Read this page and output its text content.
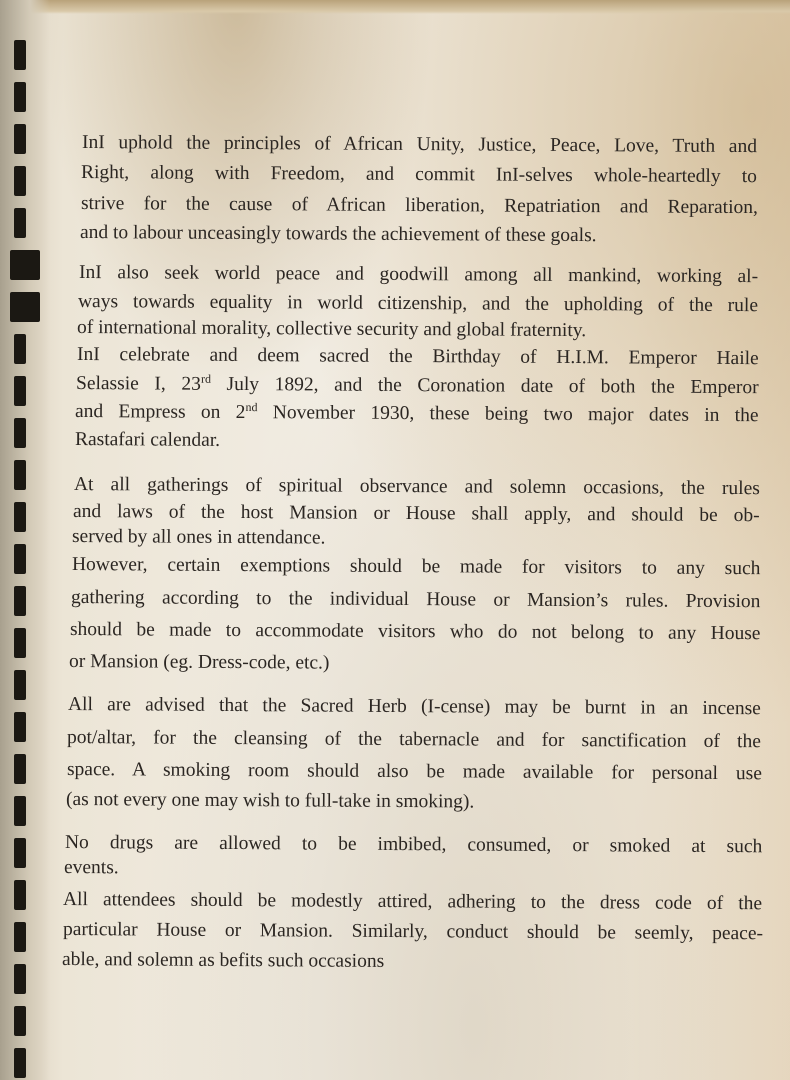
InI uphold the principles of African Unity, Justice, Peace, Love, Truth and
Right, along with Freedom, and commit InI-selves whole-heartedly to
strive for the cause of African liberation, Repatriation and Reparation,
and to labour unceasingly towards the achievement of these goals.
InI also seek world peace and goodwill among all mankind, working al-
ways towards equality in world citizenship, and the upholding of the rule
of international morality, collective security and global fraternity.
InI celebrate and deem sacred the Birthday of H.I.M. Emperor Haile
Selassie I, 23rd July 1892, and the Coronation date of both the Emperor
and Empress on 2nd November 1930, these being two major dates in the
Rastafari calendar.
At all gatherings of spiritual observance and solemn occasions, the rules
and laws of the host Mansion or House shall apply, and should be ob-
served by all ones in attendance.
However, certain exemptions should be made for visitors to any such
gathering according to the individual House or Mansion’s rules. Provision
should be made to accommodate visitors who do not belong to any House
or Mansion (eg. Dress-code, etc.)
All are advised that the Sacred Herb (I-cense) may be burnt in an incense
pot/altar, for the cleansing of the tabernacle and for sanctification of the
space. A smoking room should also be made available for personal use
(as not every one may wish to full-take in smoking).
No drugs are allowed to be imbibed, consumed, or smoked at such
events.
All attendees should be modestly attired, adhering to the dress code of the
particular House or Mansion. Similarly, conduct should be seemly, peace-
able, and solemn as befits such occasions
